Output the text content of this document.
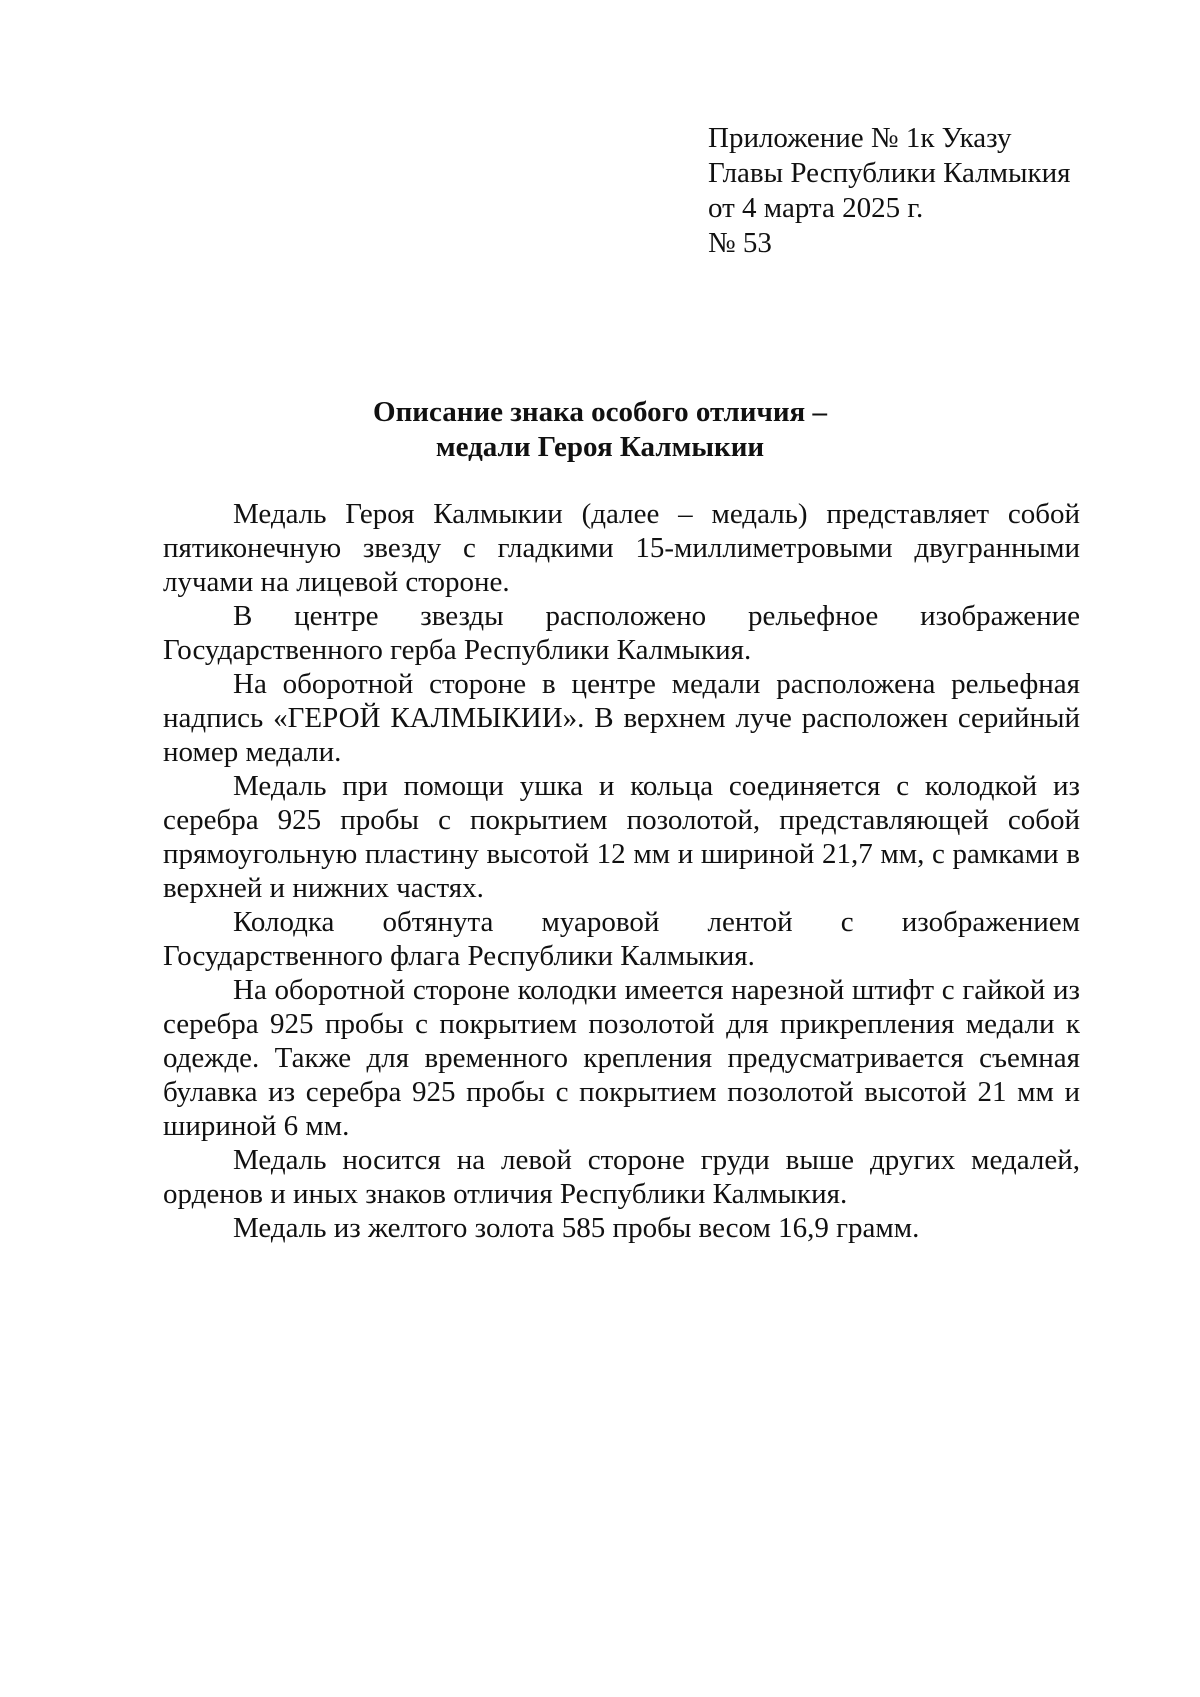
Приложение № 1к Указу
Главы Республики Калмыкия
от 4 марта 2025 г.
№ 53
Описание знака особого отличия –
медали Героя Калмыкии

Медаль Героя Калмыкии (далее – медаль) представляет собой пятиконечную звезду с гладкими 15-миллиметровыми двугранными лучами на лицевой стороне.

В центре звезды расположено рельефное изображение Государственного герба Республики Калмыкия.

На оборотной стороне в центре медали расположена рельефная надпись «ГЕРОЙ КАЛМЫКИИ». В верхнем луче расположен серийный номер медали.

Медаль при помощи ушка и кольца соединяется с колодкой из серебра 925 пробы с покрытием позолотой, представляющей собой прямоугольную пластину высотой 12 мм и шириной 21,7 мм, с рамками в верхней и нижних частях.

Колодка обтянута муаровой лентой с изображением Государственного флага Республики Калмыкия.

На оборотной стороне колодки имеется нарезной штифт с гайкой из серебра 925 пробы с покрытием позолотой для прикрепления медали к одежде. Также для временного крепления предусматривается съемная булавка из серебра 925 пробы с покрытием позолотой высотой 21 мм и шириной 6 мм.

Медаль носится на левой стороне груди выше других медалей, орденов и иных знаков отличия Республики Калмыкия.

Медаль из желтого золота 585 пробы весом 16,9 грамм.
